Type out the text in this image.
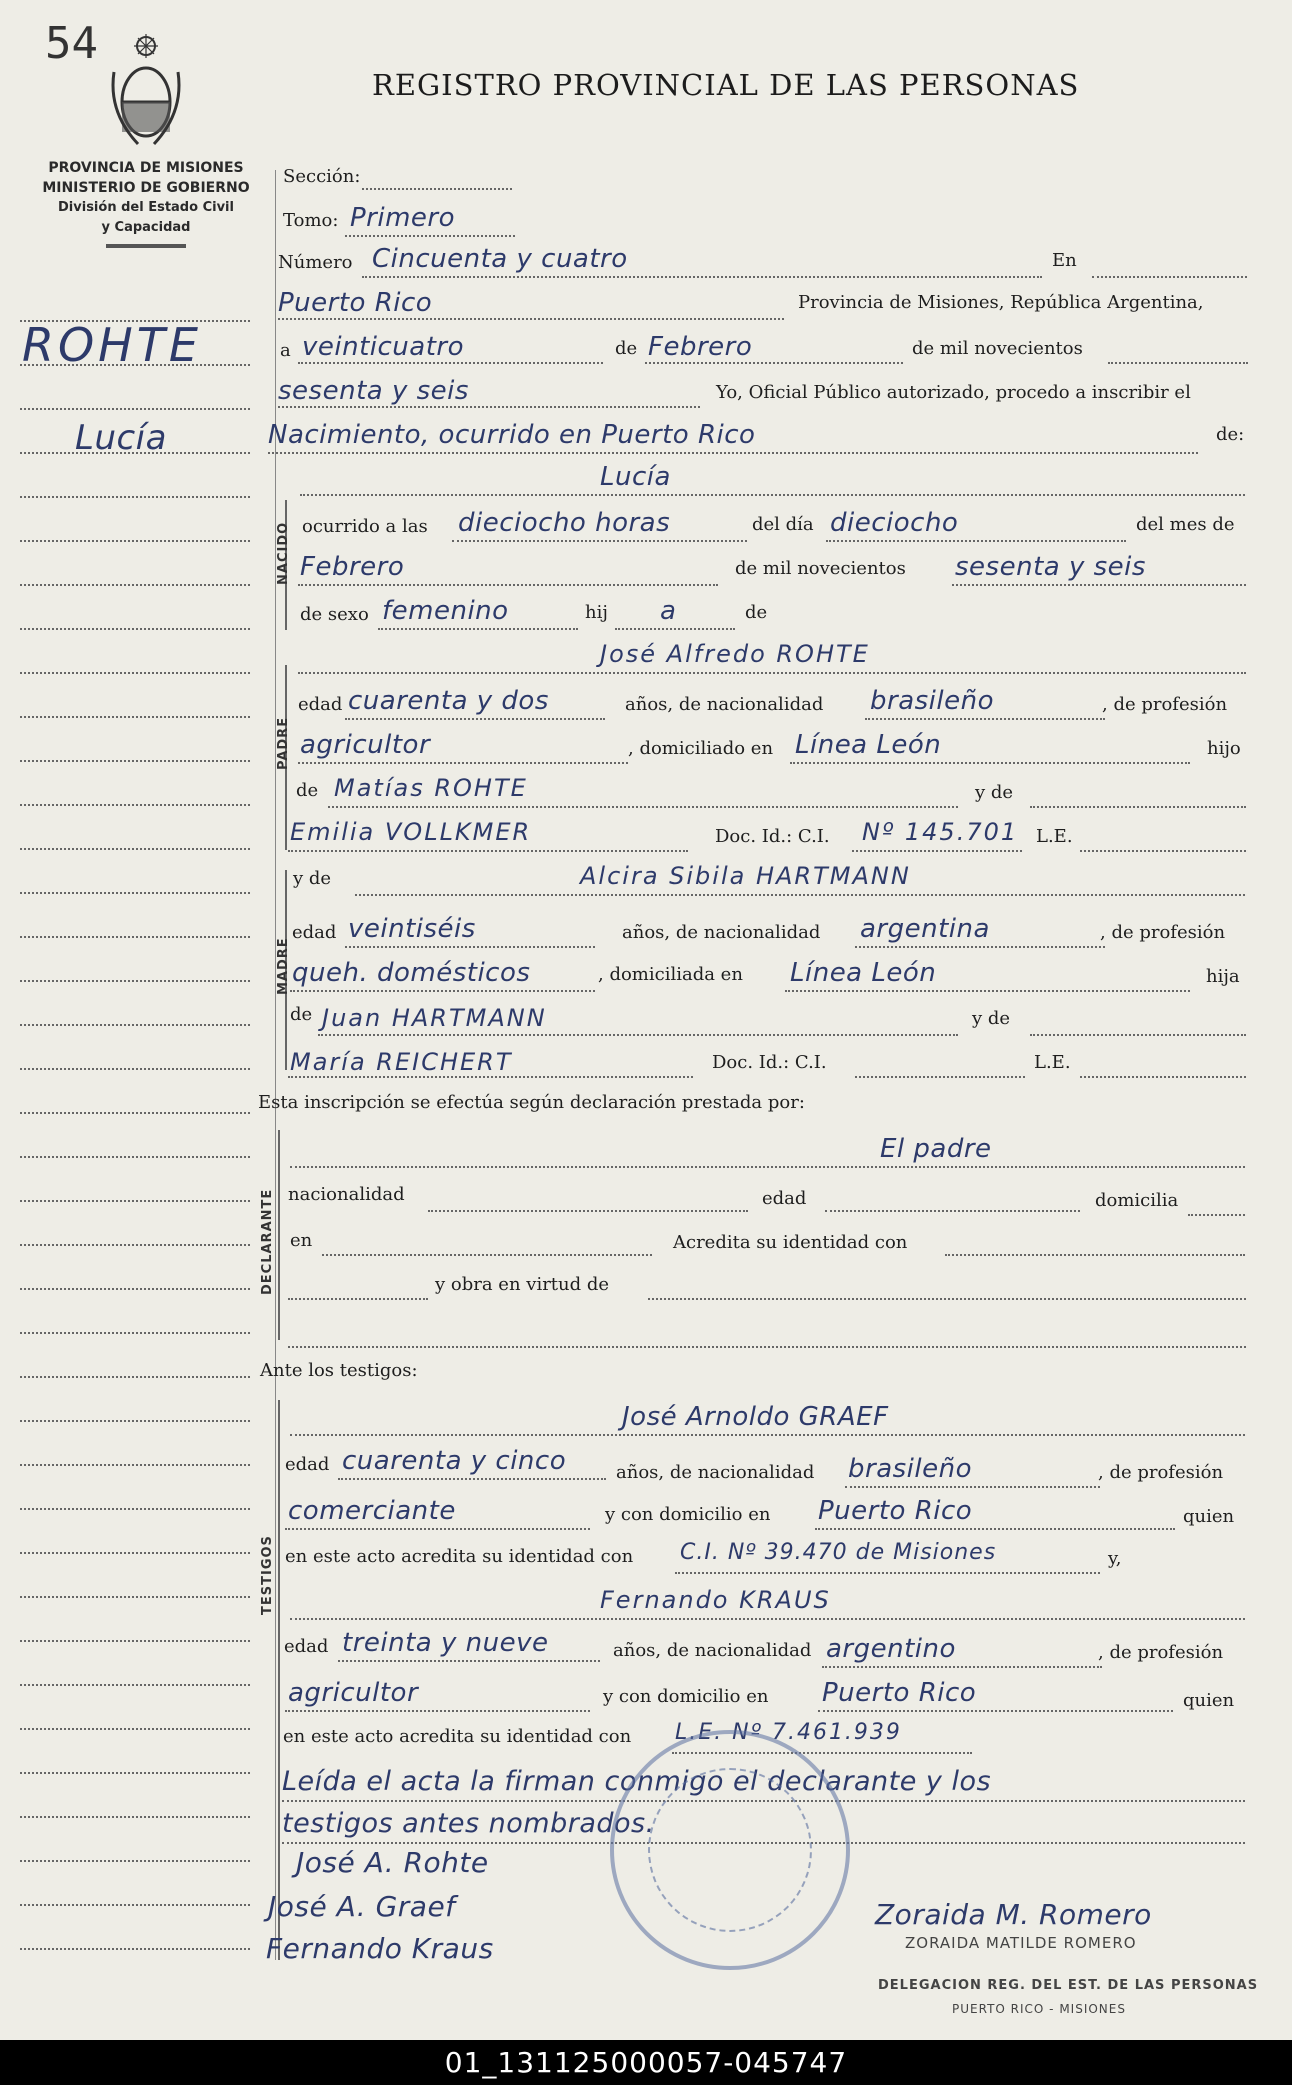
54
REGISTRO PROVINCIAL DE LAS PERSONAS
PROVINCIA DE MISIONES
MINISTERIO DE GOBIERNO
División del Estado Civil
y Capacidad
ROHTE
Lucía
Sección:
Tomo: Primero
Número Cincuenta y cuatro	En
Puerto Rico	Provincia de Misiones, República Argentina,
a veinticuatro	de Febrero	de mil novecientos
sesenta y seis	Yo, Oficial Público autorizado, procedo a inscribir el
Nacimiento, ocurrido en Puerto Rico	de:
NACIDO
Lucía
ocurrido a las dieciocho horas	del día dieciocho	del mes de
Febrero	de mil novecientos sesenta y seis
de sexo femenino	hij a	de
PADRE
José Alfredo ROHTE
edad cuarenta y dos	años, de nacionalidad brasileño	, de profesión
agricultor	, domiciliado en Línea León	hijo
de Matías ROHTE	y de
Emilia VOLLKMER	Doc. Id.: C.I. Nº 145.701 L.E.
MADRE
y de	Alcira Sibila HARTMANN
edad veintiséis	años, de nacionalidad argentina	, de profesión
queh. domésticos	, domiciliada en Línea León	hija
de Juan HARTMANN	y de
María REICHERT	Doc. Id.: C.I.	L.E.
Esta inscripción se efectúa según declaración prestada por:
DECLARANTE
El padre
nacionalidad	edad	domicilia
en	Acredita su identidad con
y obra en virtud de
Ante los testigos:
TESTIGOS
José Arnoldo GRAEF
edad cuarenta y cinco	años, de nacionalidad brasileño	, de profesión
comerciante	y con domicilio en Puerto Rico	quien
en este acto acredita su identidad con C.I. Nº 39.470 de Misiones	y,
Fernando KRAUS
edad treinta y nueve	años, de nacionalidad argentino	, de profesión
agricultor	y con domicilio en Puerto Rico	quien
en este acto acredita su identidad con L.E. Nº 7.461.939
Leída el acta la firman conmigo el declarante y los
testigos antes nombrados.
José A. Rohte
José A. Graef
Fernando Kraus
Zoraida M. Romero
ZORAIDA MATILDE ROMERO
DELEGACION REG. DEL EST. DE LAS PERSONAS
PUERTO RICO - MISIONES
01_131125000057-045747
